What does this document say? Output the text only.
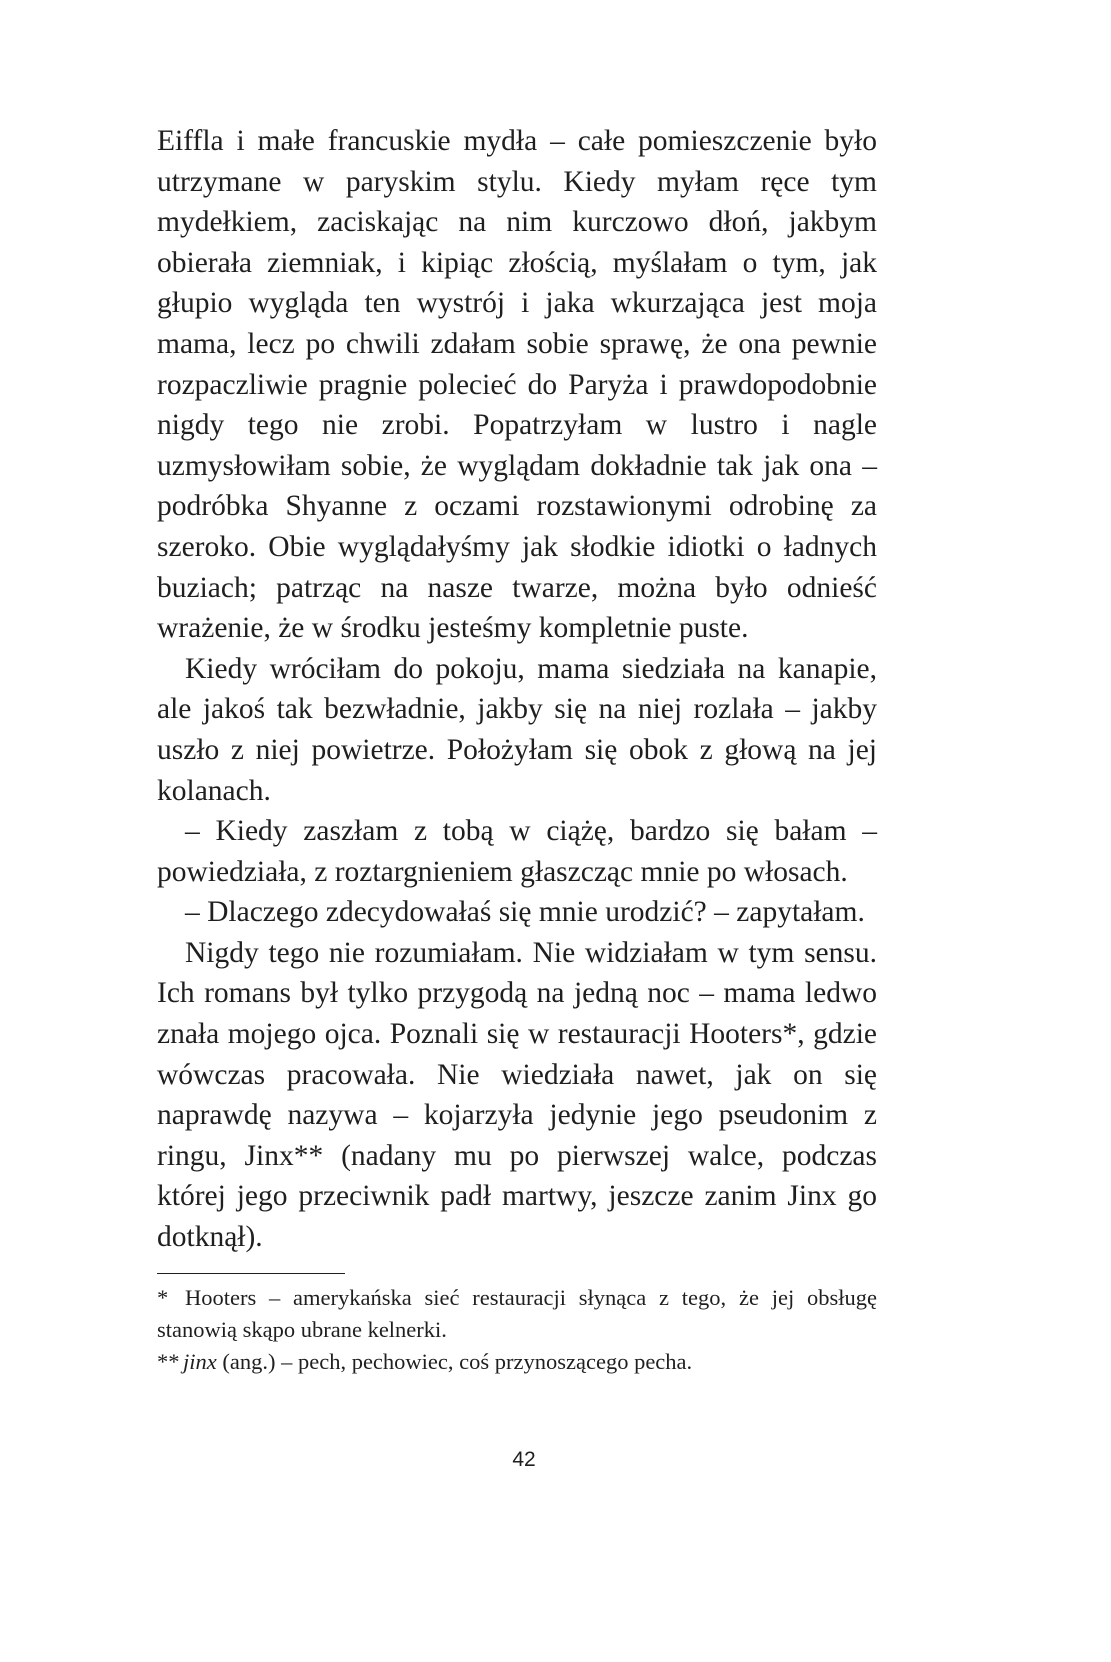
Eiffla i małe francuskie mydła – całe pomieszczenie było utrzymane w paryskim stylu. Kiedy myłam ręce tym mydełkiem, zaciskając na nim kurczowo dłoń, jakbym obierała ziemniak, i kipiąc złością, myślałam o tym, jak głupio wygląda ten wystrój i jaka wkurzająca jest moja mama, lecz po chwili zdałam sobie sprawę, że ona pewnie rozpaczliwie pragnie polecieć do Paryża i prawdopodobnie nigdy tego nie zrobi. Popatrzyłam w lustro i nagle uzmysłowiłam sobie, że wyglądam dokładnie tak jak ona – podróbka Shyanne z oczami rozstawionymi odrobinę za szeroko. Obie wyglądałyśmy jak słodkie idiotki o ładnych buziach; patrząc na nasze twarze, można było odnieść wrażenie, że w środku jesteśmy kompletnie puste.

Kiedy wróciłam do pokoju, mama siedziała na kanapie, ale jakoś tak bezwładnie, jakby się na niej rozlała – jakby uszło z niej powietrze. Położyłam się obok z głową na jej kolanach.

– Kiedy zaszłam z tobą w ciążę, bardzo się bałam – powiedziała, z roztargnieniem głaszcząc mnie po włosach.

– Dlaczego zdecydowałaś się mnie urodzić? – zapytałam.

Nigdy tego nie rozumiałam. Nie widziałam w tym sensu. Ich romans był tylko przygodą na jedną noc – mama ledwo znała mojego ojca. Poznali się w restauracji Hooters*, gdzie wówczas pracowała. Nie wiedziała nawet, jak on się naprawdę nazywa – kojarzyła jedynie jego pseudonim z ringu, Jinx** (nadany mu po pierwszej walce, podczas której jego przeciwnik padł martwy, jeszcze zanim Jinx go dotknął).

* Hooters – amerykańska sieć restauracji słynąca z tego, że jej obsługę stanowią skąpo ubrane kelnerki.

** jinx (ang.) – pech, pechowiec, coś przynoszącego pecha.

42
